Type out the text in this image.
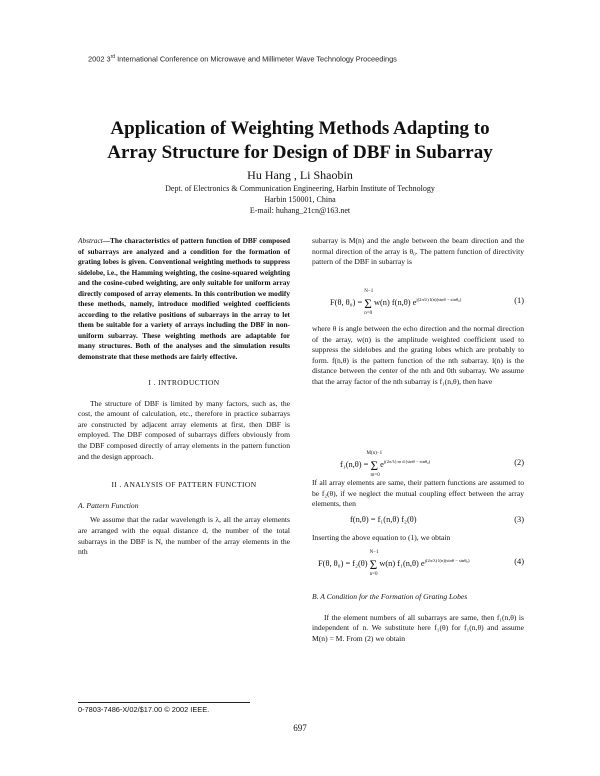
2002 3rd International Conference on Microwave and Millimeter Wave Technology Proceedings
Application of Weighting Methods Adapting to
Array Structure for Design of DBF in Subarray
Hu Hang , Li Shaobin
Dept. of Electronics & Communication Engineering, Harbin Institute of Technology
Harbin 150001, China
E-mail: huhang_21cn@163.net
Abstract—The characteristics of pattern function of DBF composed of subarrays are analyzed and a condition for the formation of grating lobes is given. Conventional weighting methods to suppress sidelobe, i.e., the Hamming weighting, the cosine-squared weighting and the cosine-cubed weighting, are only suitable for uniform array directly composed of array elements. In this contribution we modify these methods, namely, introduce modified weighted coefficients according to the relative positions of subarrays in the array to let them be suitable for a variety of arrays including the DBF in non-uniform subarray. These weighting methods are adaptable for many structures. Both of the analyses and the simulation results demonstrate that these methods are fairly effective.
I . INTRODUCTION

The structure of DBF is limited by many factors, such as, the cost, the amount of calculation, etc., therefore in practice subarrays are constructed by adjacent array elements at first, then DBF is employed. The DBF composed of subarrays differs obviously from the DBF composed directly of array elements in the pattern function and the design approach.

II . ANALYSIS OF PATTERN FUNCTION
A. Pattern Function

We assume that the radar wavelength is λ, all the array elements are arranged with the equal distance d, the number of the total subarrays in the DBF is N, the number of the array elements in the nth

subarray is M(n) and the angle between the beam direction and the normal direction of the array is θ₀. The pattern function of directivity pattern of the DBF in subarray is
F(θ, θ₀) = Σ
N−1
n=0
w(n) f(n,θ) $e^{j(2\pi/\lambda) l(n)(sin\theta - sin\theta_0)}$	(1)
where θ is angle between the echo direction and the normal direction of the array, w(n) is the amplitude weighted coefficient used to suppress the sidelobes and the grating lobes which are probably to form. f(n,θ) is the pattern function of the nth subarray. l(n) is the distance between the center of the nth and 0th subarray. We assume that the array factor of the nth subarray is f₁(n,θ), then have
f₁(n,θ) = Σ
M(n)−1
m=0
$e^{j(2\pi/\lambda) m d (sin\theta - sin\theta_0)}$	(2)
If all array elements are same, their pattern functions are assumed to be f₂(θ), if we neglect the mutual coupling effect between the array elements, then
f(n,θ) = f₁(n,θ) f₂(θ)	(3)
Inserting the above equation to (1), we obtain
F(θ, θ₀) = f₂(θ) Σ
N−1
n=0
w(n) f₁(n,θ) $e^{j(2\pi/\lambda) l(n)(sin\theta - sin\theta_0)}$	(4)
B. A Condition for the Formation of Grating Lobes

If the element numbers of all subarrays are same, then f₁(n,θ) is independent of n. We substitute here f₁(θ) for f₁(n,θ) and assume M(n) = M. From (2) we obtain

0-7803-7486-X/02/$17.00 © 2002 IEEE.
697
